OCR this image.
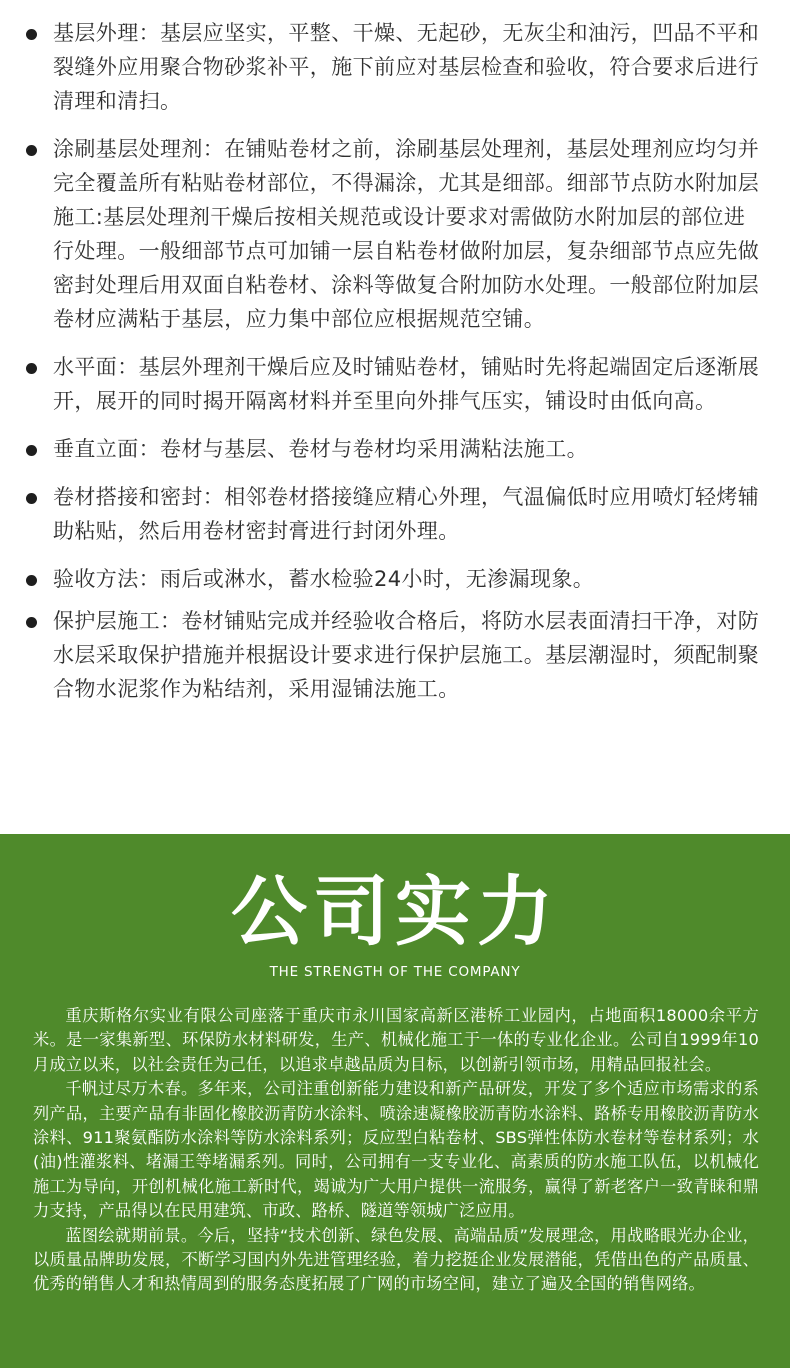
基层外理：基层应坚实，平整、干燥、无起砂，无灰尘和油污，凹品不平和裂缝外应用聚合物砂浆补平，施下前应对基层检查和验收，符合要求后进行清理和清扫。
涂刷基层处理剂：在铺贴卷材之前，涂刷基层处理剂，基层处理剂应均匀并完全覆盖所有粘贴卷材部位，不得漏涂，尤其是细部。细部节点防水附加层施工:基层处理剂干燥后按相关规范或设计要求对需做防水附加层的部位进行处理。一般细部节点可加铺一层自粘卷材做附加层，复杂细部节点应先做密封处理后用双面自粘卷材、涂料等做复合附加防水处理。一般部位附加层卷材应满粘于基层，应力集中部位应根据规范空铺。
水平面：基层外理剂干燥后应及时铺贴卷材，铺贴时先将起端固定后逐渐展开，展开的同时揭开隔离材料并至里向外排气压实，铺设时由低向高。
垂直立面：卷材与基层、卷材与卷材均采用满粘法施工。
卷材搭接和密封：相邻卷材搭接缝应精心外理，气温偏低时应用喷灯轻烤辅助粘贴，然后用卷材密封膏进行封闭外理。
验收方法：雨后或淋水，蓄水检验24小时，无渗漏现象。
保护层施工：卷材铺贴完成并经验收合格后，将防水层表面清扫干净，对防水层采取保护措施并根据设计要求进行保护层施工。基层潮湿时，须配制聚合物水泥浆作为粘结剂，采用湿铺法施工。
公司实力
THE STRENGTH OF THE COMPANY

重庆斯格尔实业有限公司座落于重庆市永川国家高新区港桥工业园内，占地面积18000余平方米。是一家集新型、环保防水材料研发，生产、机械化施工于一体的专业化企业。公司自1999年10月成立以来，以社会责任为己任，以追求卓越品质为目标，以创新引领市场，用精品回报社会。

千帆过尽万木春。多年来，公司注重创新能力建设和新产品研发，开发了多个适应市场需求的系列产品，主要产品有非固化橡胶沥青防水涂料、喷涂速凝橡胶沥青防水涂料、路桥专用橡胶沥青防水涂料、911聚氨酯防水涂料等防水涂料系列；反应型白粘卷材、SBS弹性体防水卷材等卷材系列；水(油)性灌浆料、堵漏王等堵漏系列。同时，公司拥有一支专业化、高素质的防水施工队伍，以机械化施工为导向，开创机械化施工新时代，竭诚为广大用户提供一流服务，赢得了新老客户一致青睐和鼎力支持，产品得以在民用建筑、市政、路桥、隧道等领城广泛应用。

蓝图绘就期前景。今后，坚持“技术创新、绿色发展、高端品质”发展理念，用战略眼光办企业，以质量品牌助发展，不断学习国内外先进管理经验，着力挖挺企业发展潜能，凭借出色的产品质量、优秀的销售人才和热情周到的服务态度拓展了广网的市场空间，建立了遍及全国的销售网络。
